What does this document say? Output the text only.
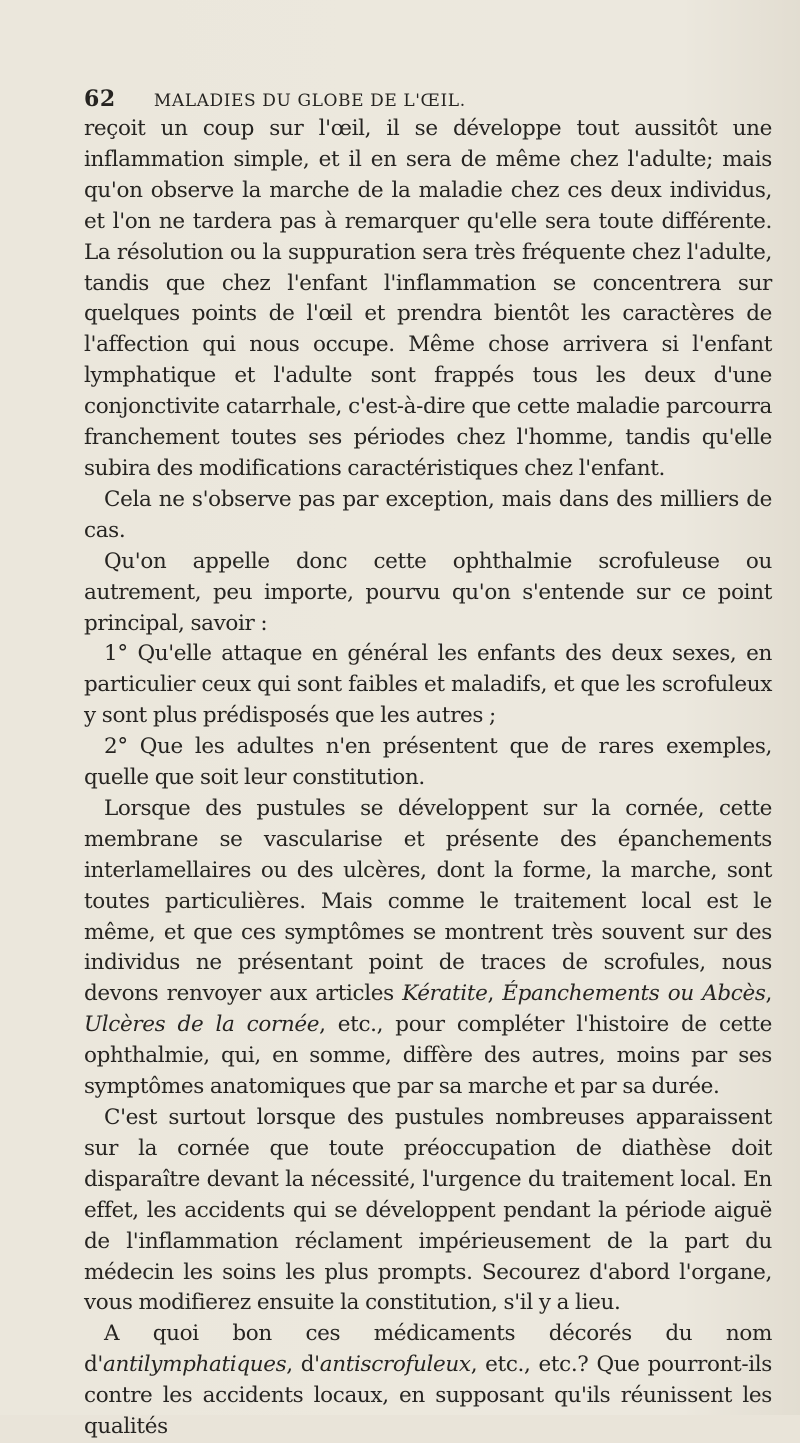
62 MALADIES DU GLOBE DE L'ŒIL.

reçoit un coup sur l'œil, il se développe tout aussitôt une inflammation simple, et il en sera de même chez l'adulte; mais qu'on observe la marche de la maladie chez ces deux individus, et l'on ne tardera pas à remarquer qu'elle sera toute différente. La résolution ou la suppuration sera très fréquente chez l'adulte, tandis que chez l'enfant l'inflammation se concentrera sur quelques points de l'œil et prendra bientôt les caractères de l'affection qui nous occupe. Même chose arrivera si l'enfant lymphatique et l'adulte sont frappés tous les deux d'une conjonctivite catarrhale, c'est-à-dire que cette maladie parcourra franchement toutes ses périodes chez l'homme, tandis qu'elle subira des modifications caractéristiques chez l'enfant.

Cela ne s'observe pas par exception, mais dans des milliers de cas.

Qu'on appelle donc cette ophthalmie scrofuleuse ou autrement, peu importe, pourvu qu'on s'entende sur ce point principal, savoir :

1° Qu'elle attaque en général les enfants des deux sexes, en particulier ceux qui sont faibles et maladifs, et que les scrofuleux y sont plus prédisposés que les autres ;

2° Que les adultes n'en présentent que de rares exemples, quelle que soit leur constitution.

Lorsque des pustules se développent sur la cornée, cette membrane se vascularise et présente des épanchements interlamellaires ou des ulcères, dont la forme, la marche, sont toutes particulières. Mais comme le traitement local est le même, et que ces symptômes se montrent très souvent sur des individus ne présentant point de traces de scrofules, nous devons renvoyer aux articles Kératite, Épanchements ou Abcès, Ulcères de la cornée, etc., pour compléter l'histoire de cette ophthalmie, qui, en somme, diffère des autres, moins par ses symptômes anatomiques que par sa marche et par sa durée.

C'est surtout lorsque des pustules nombreuses apparaissent sur la cornée que toute préoccupation de diathèse doit disparaître devant la nécessité, l'urgence du traitement local. En effet, les accidents qui se développent pendant la période aiguë de l'inflammation réclament impérieusement de la part du médecin les soins les plus prompts. Secourez d'abord l'organe, vous modifierez ensuite la constitution, s'il y a lieu.

A quoi bon ces médicaments décorés du nom d'antilymphatiques, d'antiscrofuleux, etc., etc.? Que pourront-ils contre les accidents locaux, en supposant qu'ils réunissent les qualités
